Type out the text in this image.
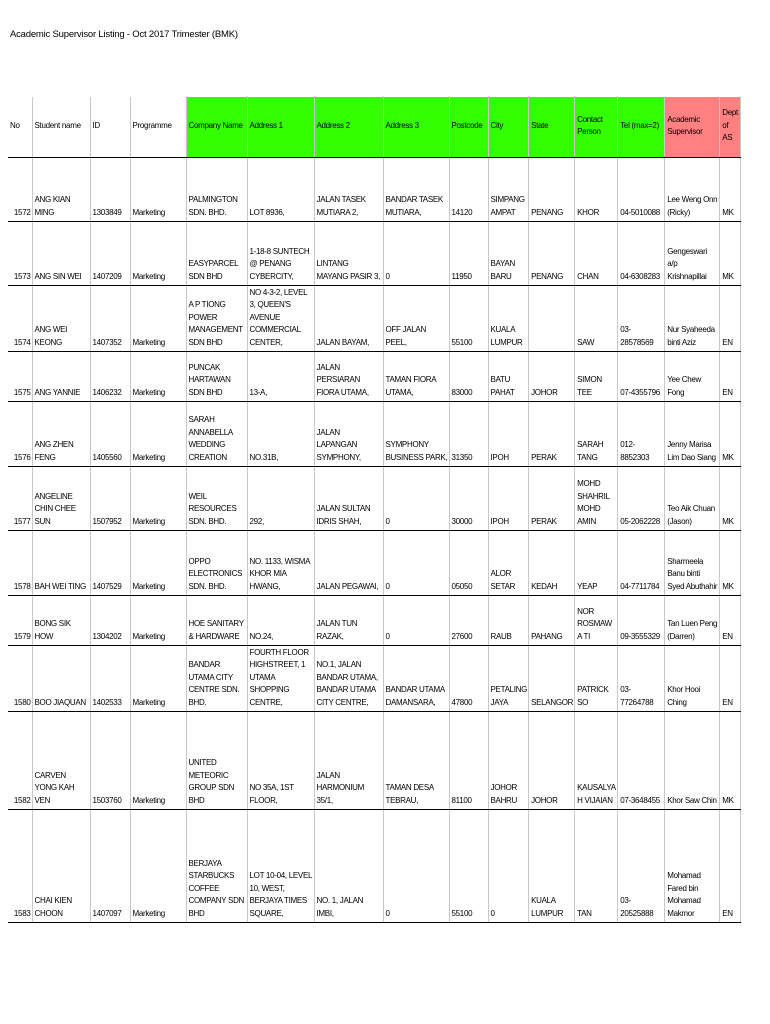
Academic Supervisor Listing - Oct 2017 Trimester (BMK)
No	Student name	ID	Programme	Company Name	Address 1	Address 2	Address 3	Postcode	City	State	Contact Person	Tel (max=2)	Academic Supervisor	Dept of AS
1572	ANG KIAN MING	1303849	Marketing	PALMINGTON SDN. BHD.	LOT 8936,	JALAN TASEK MUTIARA 2,	BANDAR TASEK MUTIARA,	14120	SIMPANG AMPAT	PENANG	KHOR	04-5010088	Lee Weng Onn (Ricky)	MK
1573	ANG SIN WEI	1407209	Marketing	EASYPARCEL SDN BHD	1-18-8 SUNTECH @ PENANG CYBERCITY,	LINTANG MAYANG PASIR 3,	0	11950	BAYAN BARU	PENANG	CHAN	04-6308283	Gengeswari a/p Krishnapillai	MK
1574	ANG WEI KEONG	1407352	Marketing	A P TIONG POWER MANAGEMENT SDN BHD	NO 4-3-2, LEVEL 3, QUEEN'S AVENUE COMMERCIAL CENTER,	JALAN BAYAM,	OFF JALAN PEEL,	55100	KUALA LUMPUR		SAW	03-28578569	Nur Syaheeda binti Aziz	EN
1575	ANG YANNIE	1406232	Marketing	PUNCAK HARTAWAN SDN BHD	13-A,	JALAN PERSIARAN FIORA UTAMA,	TAMAN FIORA UTAMA,	83000	BATU PAHAT	JOHOR	SIMON TEE	07-4355796	Yee Chew Fong	EN
1576	ANG ZHEN FENG	1405560	Marketing	SARAH ANNABELLA WEDDING CREATION	NO.31B,	JALAN LAPANGAN SYMPHONY,	SYMPHONY BUSINESS PARK,	31350	IPOH	PERAK	SARAH TANG	012-8852303	Jenny Marisa Lim Dao Siang	MK
1577	ANGELINE CHIN CHEE SUN	1507952	Marketing	WEIL RESOURCES SDN. BHD.	292,	JALAN SULTAN IDRIS SHAH,	0	30000	IPOH	PERAK	MOHD SHAHRIL MOHD AMIN	05-2062228	Teo Aik Chuan (Jason)	MK
1578	BAH WEI TING	1407529	Marketing	OPPO ELECTRONICS SDN. BHD.	NO. 1133, WISMA KHOR MIA HWANG,	JALAN PEGAWAI,	0	05050	ALOR SETAR	KEDAH	YEAP	04-7711784	Sharmeela Banu binti Syed Abuthahir	MK
1579	BONG SIK HOW	1304202	Marketing	HOE SANITARY & HARDWARE	NO.24,	JALAN TUN RAZAK,	0	27600	RAUB	PAHANG	NOR ROSMAWA TI	09-3555329	Tan Luen Peng (Darren)	EN
1580	BOO JIAQUAN	1402533	Marketing	BANDAR UTAMA CITY CENTRE SDN. BHD.	FOURTH FLOOR HIGHSTREET, 1 UTAMA SHOPPING CENTRE,	NO.1, JALAN BANDAR UTAMA, BANDAR UTAMA CITY CENTRE,	BANDAR UTAMA DAMANSARA,	47800	PETALING JAYA	SELANGOR	PATRICK SO	03-77264788	Khor Hooi Ching	EN
1582	CARVEN YONG KAH VEN	1503760	Marketing	UNITED METEORIC GROUP SDN BHD	NO 35A, 1ST FLOOR,	JALAN HARMONIUM 35/1,	TAMAN DESA TEBRAU,	81100	JOHOR BAHRU	JOHOR	KAUSALYA H VIJAIAN	07-3648455	Khor Saw Chin	MK
1583	CHAI KIEN CHOON	1407097	Marketing	BERJAYA STARBUCKS COFFEE COMPANY SDN BHD	LOT 10-04, LEVEL 10, WEST, BERJAYA TIMES SQUARE,	NO. 1, JALAN IMBI,	0	55100	0	KUALA LUMPUR	TAN	03-20525888	Mohamad Fared bin Mohamad Makmor	EN
